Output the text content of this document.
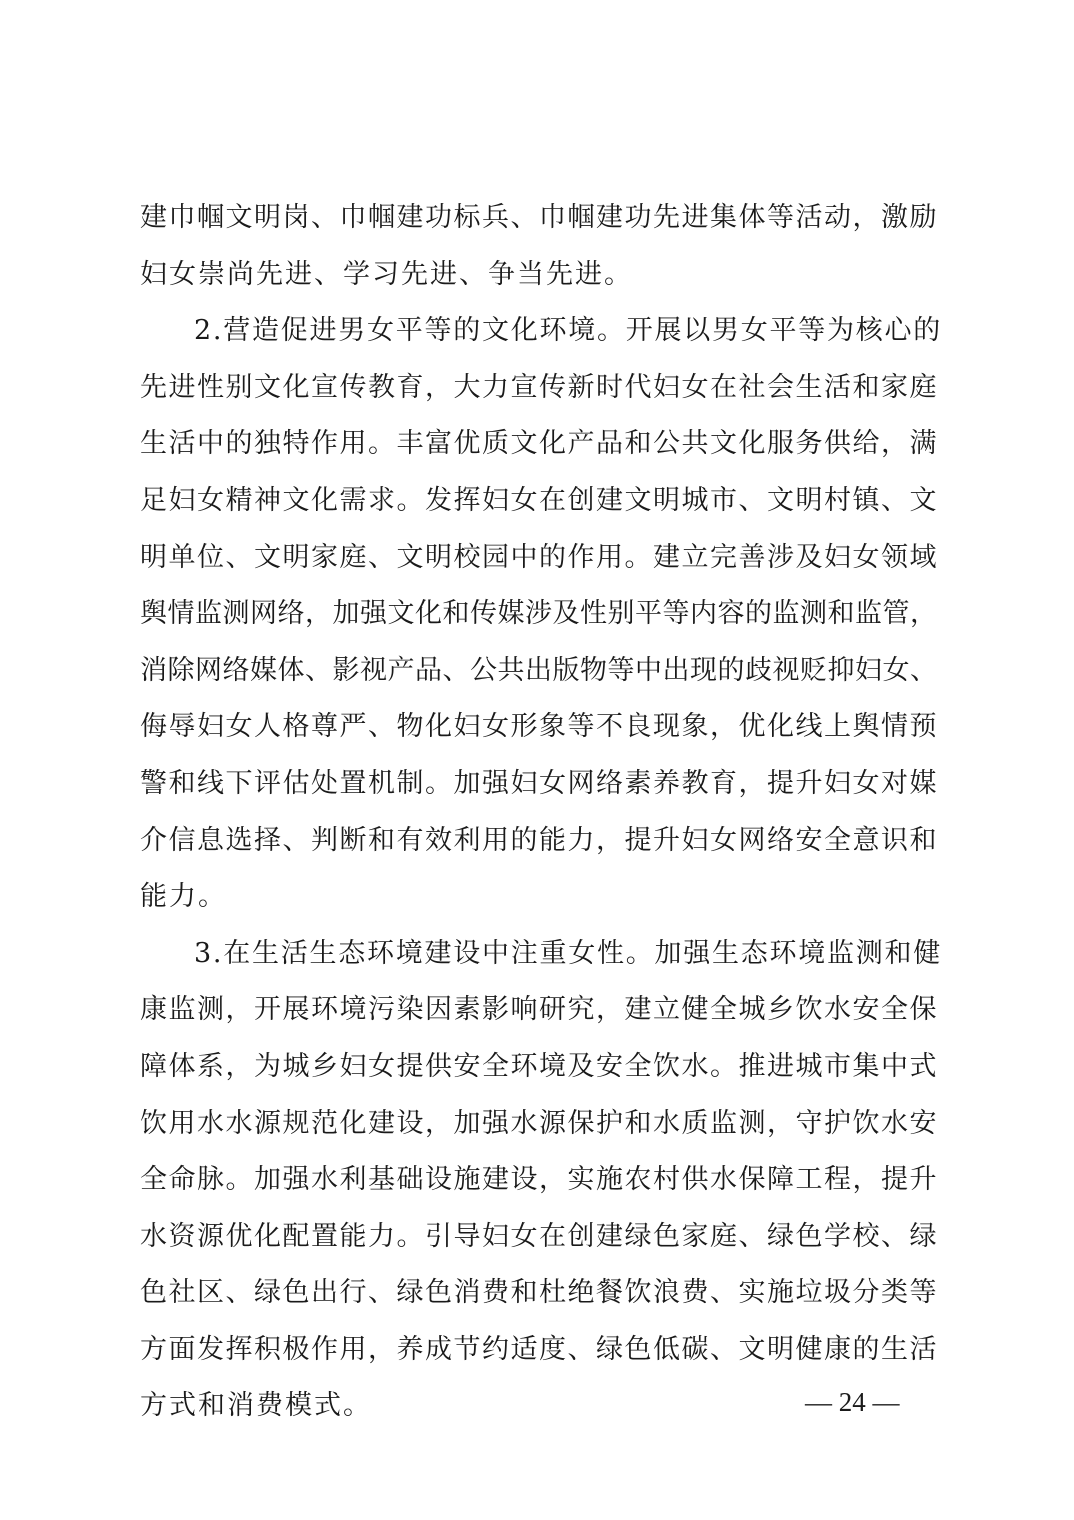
建巾帼文明岗、巾帼建功标兵、巾帼建功先进集体等活动，激励
妇女崇尚先进、学习先进、争当先进。
2.营造促进男女平等的文化环境。开展以男女平等为核心的
先进性别文化宣传教育，大力宣传新时代妇女在社会生活和家庭
生活中的独特作用。丰富优质文化产品和公共文化服务供给，满
足妇女精神文化需求。发挥妇女在创建文明城市、文明村镇、文
明单位、文明家庭、文明校园中的作用。建立完善涉及妇女领域
舆情监测网络，加强文化和传媒涉及性别平等内容的监测和监管，
消除网络媒体、影视产品、公共出版物等中出现的歧视贬抑妇女、
侮辱妇女人格尊严、物化妇女形象等不良现象，优化线上舆情预
警和线下评估处置机制。加强妇女网络素养教育，提升妇女对媒
介信息选择、判断和有效利用的能力，提升妇女网络安全意识和
能力。
3.在生活生态环境建设中注重女性。加强生态环境监测和健
康监测，开展环境污染因素影响研究，建立健全城乡饮水安全保
障体系，为城乡妇女提供安全环境及安全饮水。推进城市集中式
饮用水水源规范化建设，加强水源保护和水质监测，守护饮水安
全命脉。加强水利基础设施建设，实施农村供水保障工程，提升
水资源优化配置能力。引导妇女在创建绿色家庭、绿色学校、绿
色社区、绿色出行、绿色消费和杜绝餐饮浪费、实施垃圾分类等
方面发挥积极作用，养成节约适度、绿色低碳、文明健康的生活
方式和消费模式。	— 24 —
